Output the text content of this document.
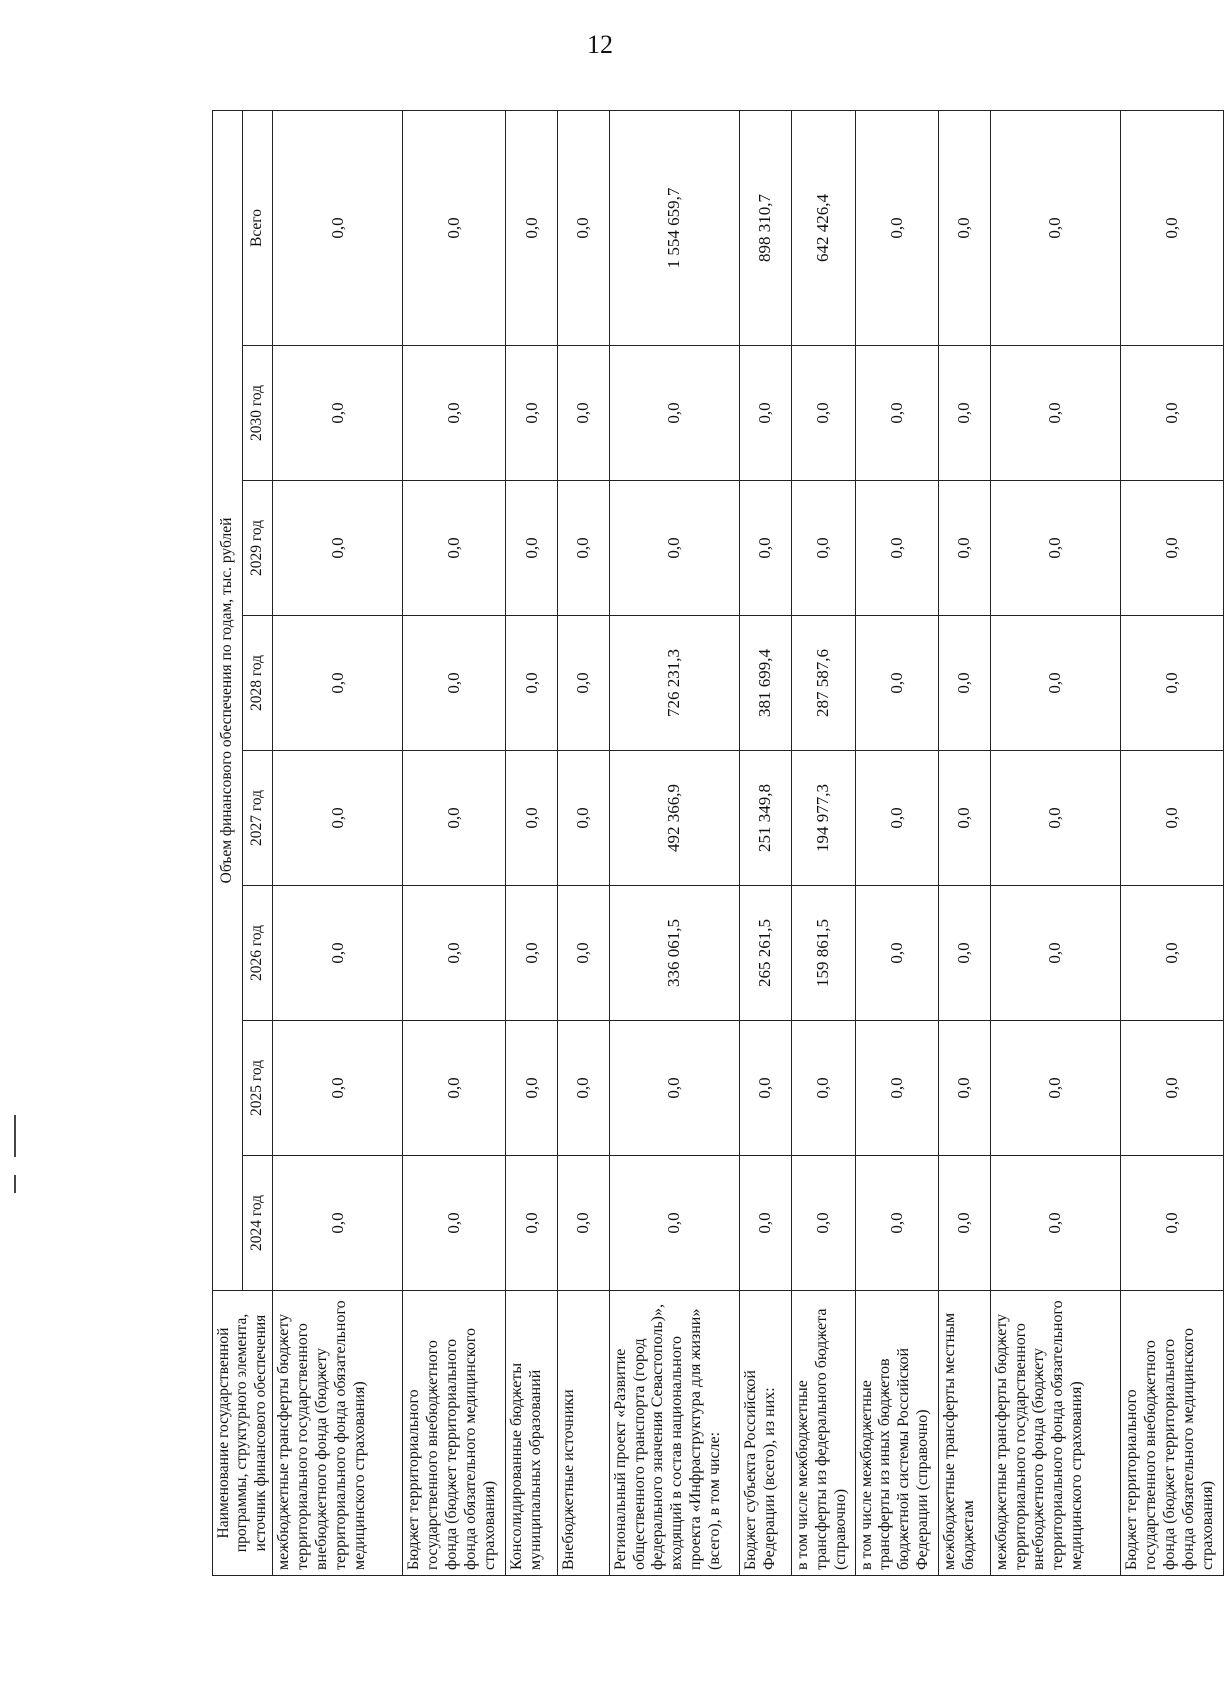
12
Наименование государственной программы, структурного элемента, источник финансового обеспечения	Объем финансового обеспечения по годам, тыс. рублей							
	2024 год	2025 год	2026 год	2027 год	2028 год	2029 год	2030 год	Всего
межбюджетные трансферты бюджету территориального государственного внебюджетного фонда (бюджету территориального фонда обязательного медицинского страхования)	0,0	0,0	0,0	0,0	0,0	0,0	0,0	0,0
Бюджет территориального государственного внебюджетного фонда (бюджет территориального фонда обязательного медицинского страхования)	0,0	0,0	0,0	0,0	0,0	0,0	0,0	0,0
Консолидированные бюджеты муниципальных образований	0,0	0,0	0,0	0,0	0,0	0,0	0,0	0,0
Внебюджетные источники	0,0	0,0	0,0	0,0	0,0	0,0	0,0	0,0
Региональный проект «Развитие общественного транспорта (город федерального значения Севастополь)», входящий в состав национального проекта «Инфраструктура для жизни» (всего), в том числе:	0,0	0,0	336 061,5	492 366,9	726 231,3	0,0	0,0	1 554 659,7
Бюджет субъекта Российской Федерации (всего), из них:	0,0	0,0	265 261,5	251 349,8	381 699,4	0,0	0,0	898 310,7
в том числе межбюджетные трансферты из федерального бюджета (справочно)	0,0	0,0	159 861,5	194 977,3	287 587,6	0,0	0,0	642 426,4
в том числе межбюджетные трансферты из иных бюджетов бюджетной системы Российской Федерации (справочно)	0,0	0,0	0,0	0,0	0,0	0,0	0,0	0,0
межбюджетные трансферты местным бюджетам	0,0	0,0	0,0	0,0	0,0	0,0	0,0	0,0
межбюджетные трансферты бюджету территориального государственного внебюджетного фонда (бюджету территориального фонда обязательного медицинского страхования)	0,0	0,0	0,0	0,0	0,0	0,0	0,0	0,0
Бюджет территориального государственного внебюджетного фонда (бюджет территориального фонда обязательного медицинского страхования)	0,0	0,0	0,0	0,0	0,0	0,0	0,0	0,0
